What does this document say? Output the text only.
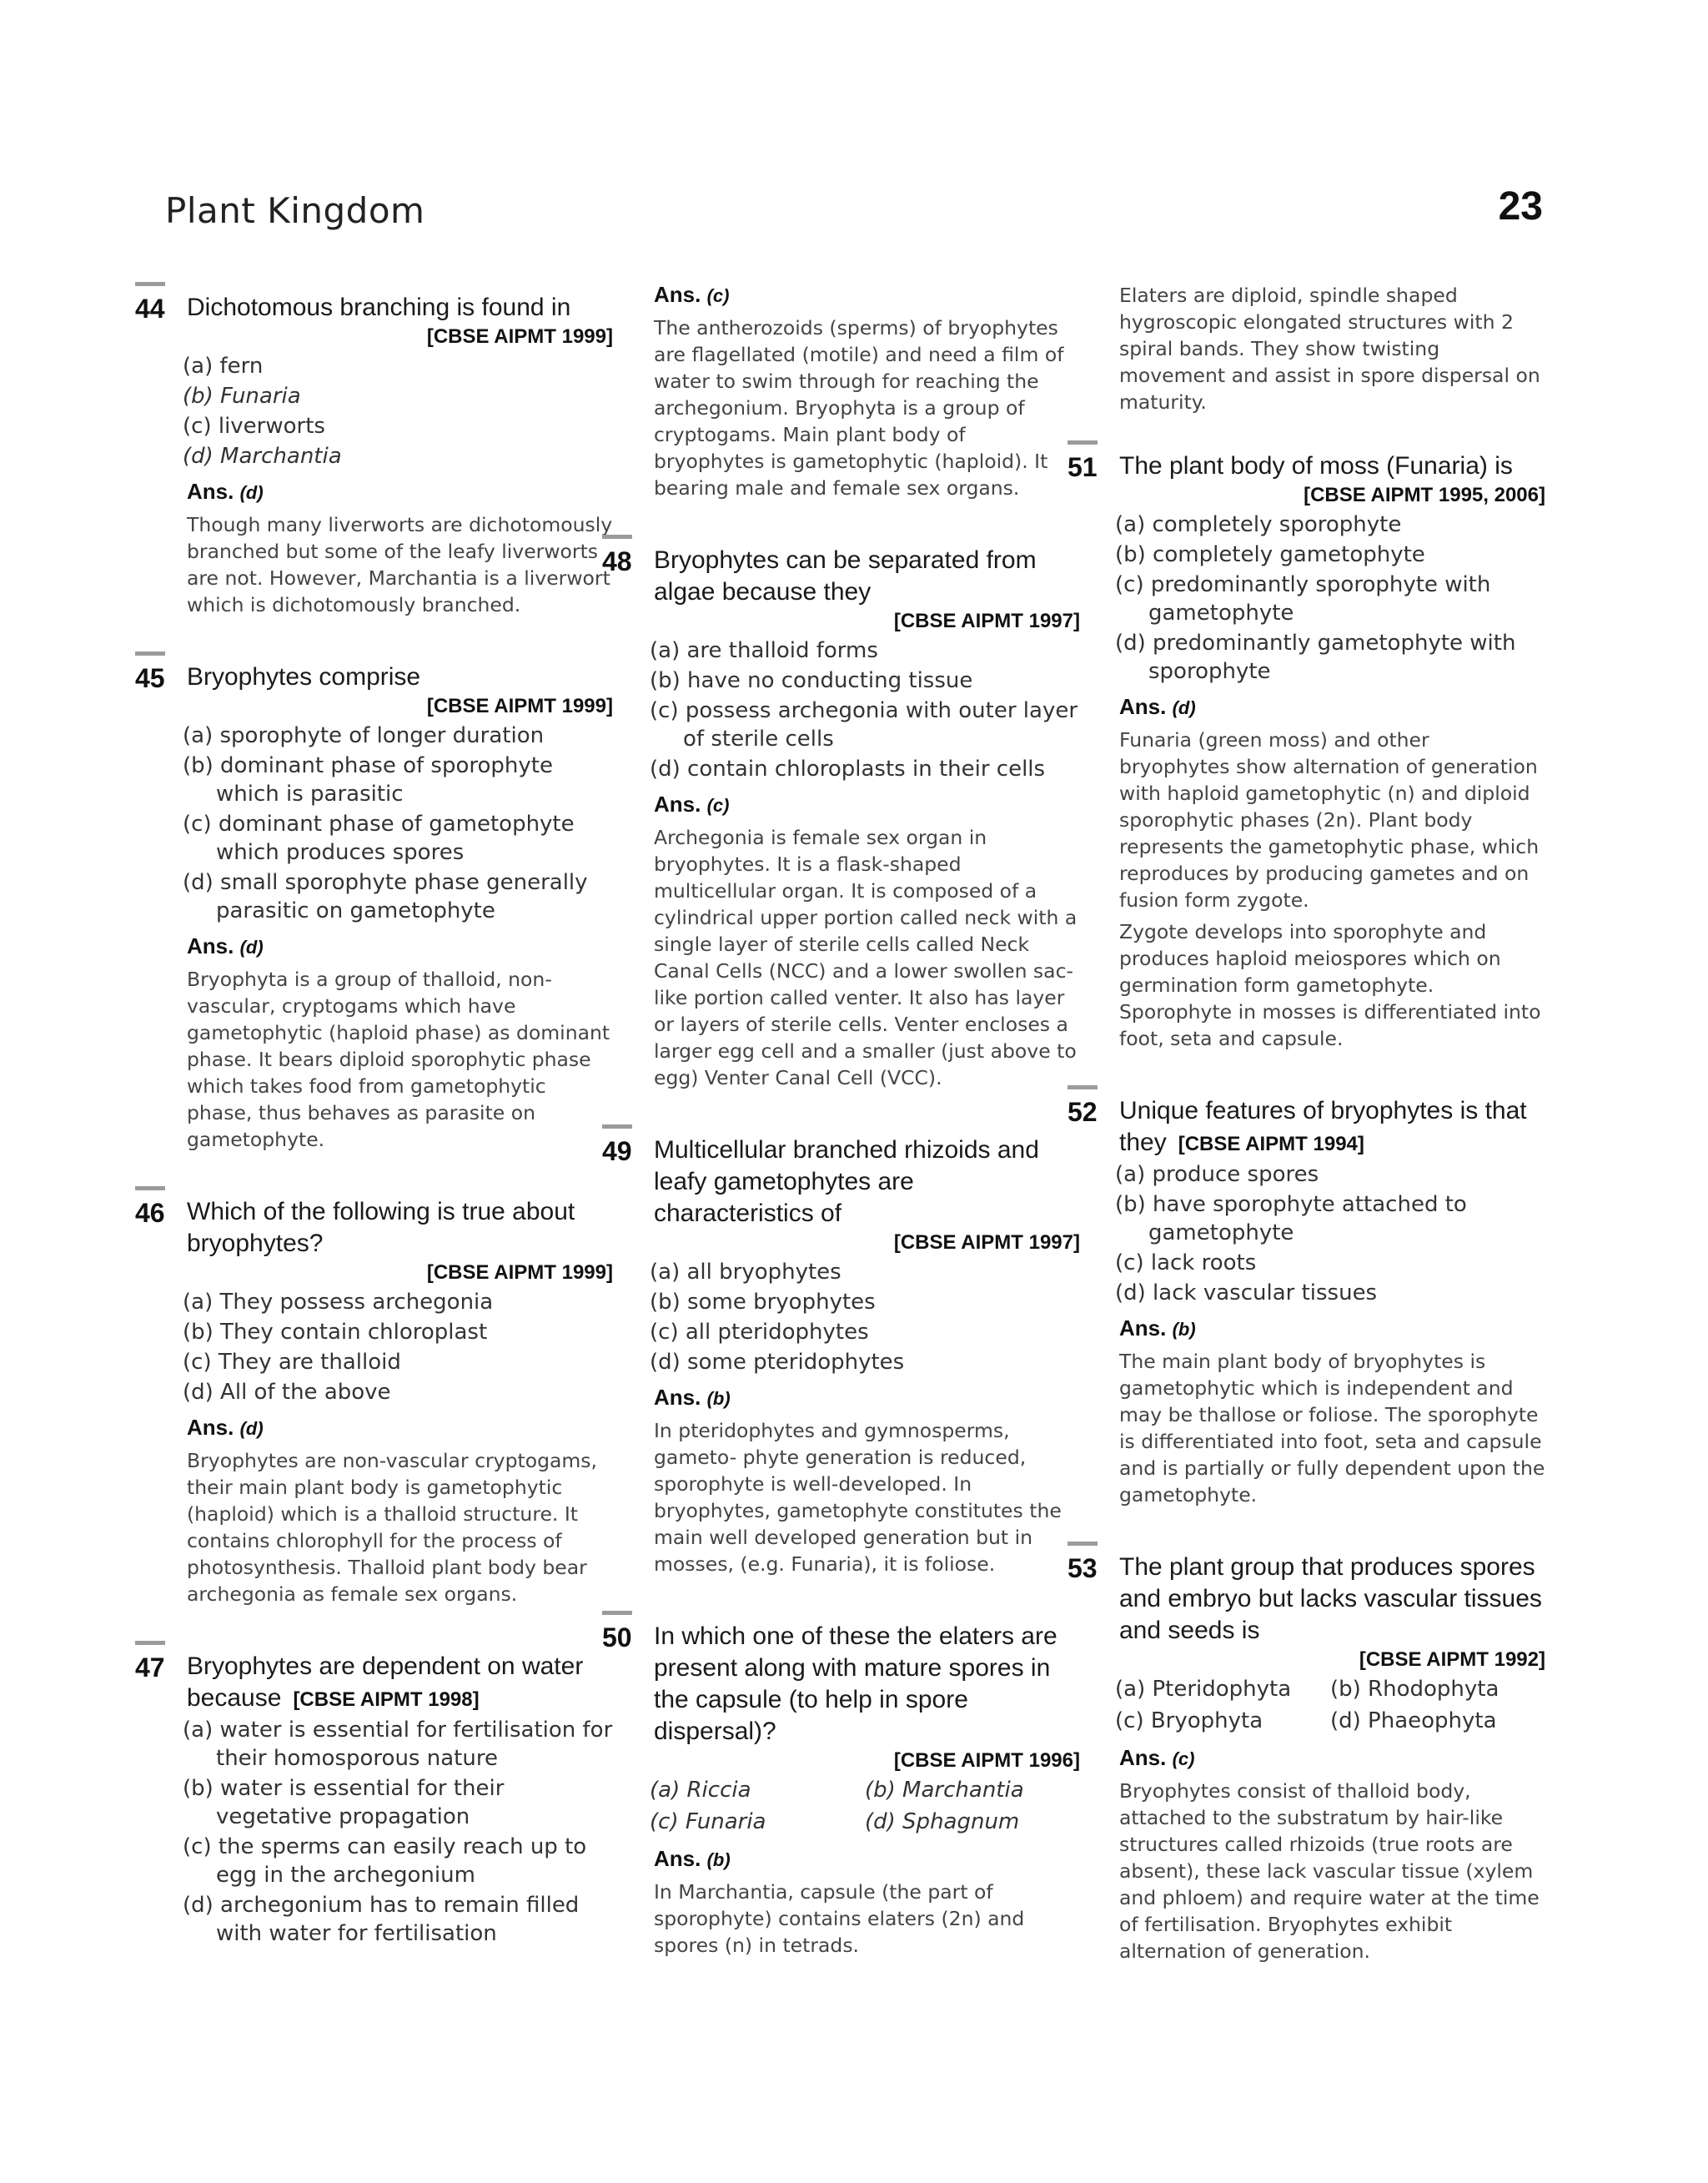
Plant Kingdom	23
44 Dichotomous branching is found in
[CBSE AIPMT 1999]
(a) fern
(b) Funaria
(c) liverworts
(d) Marchantia
Ans. (d)

Though many liverworts are dichotomously branched but some of the leafy liverworts are not. However, Marchantia is a liverwort which is dichotomously branched.

45 Bryophytes comprise
[CBSE AIPMT 1999]
(a) sporophyte of longer duration
(b) dominant phase of sporophyte which is parasitic
(c) dominant phase of gametophyte which produces spores
(d) small sporophyte phase generally parasitic on gametophyte
Ans. (d)

Bryophyta is a group of thalloid, non-vascular, cryptogams which have gametophytic (haploid phase) as dominant phase. It bears diploid sporophytic phase which takes food from gametophytic phase, thus behaves as parasite on gametophyte.

46 Which of the following is true about bryophytes?
[CBSE AIPMT 1999]
(a) They possess archegonia
(b) They contain chloroplast
(c) They are thalloid
(d) All of the above
Ans. (d)

Bryophytes are non-vascular cryptogams, their main plant body is gametophytic (haploid) which is a thalloid structure. It contains chlorophyll for the process of photosynthesis. Thalloid plant body bear archegonia as female sex organs.

47 Bryophytes are dependent on water because [CBSE AIPMT 1998]
(a) water is essential for fertilisation for their homosporous nature
(b) water is essential for their vegetative propagation
(c) the sperms can easily reach up to egg in the archegonium
(d) archegonium has to remain filled with water for fertilisation
Ans. (c)

The antherozoids (sperms) of bryophytes are flagellated (motile) and need a film of water to swim through for reaching the archegonium. Bryophyta is a group of cryptogams. Main plant body of bryophytes is gametophytic (haploid). It bearing male and female sex organs.

48 Bryophytes can be separated from algae because they
[CBSE AIPMT 1997]
(a) are thalloid forms
(b) have no conducting tissue
(c) possess archegonia with outer layer of sterile cells
(d) contain chloroplasts in their cells
Ans. (c)

Archegonia is female sex organ in bryophytes. It is a flask-shaped multicellular organ. It is composed of a cylindrical upper portion called neck with a single layer of sterile cells called Neck Canal Cells (NCC) and a lower swollen sac-like portion called venter. It also has layer or layers of sterile cells. Venter encloses a larger egg cell and a smaller (just above to egg) Venter Canal Cell (VCC).

49 Multicellular branched rhizoids and leafy gametophytes are characteristics of
[CBSE AIPMT 1997]
(a) all bryophytes
(b) some bryophytes
(c) all pteridophytes
(d) some pteridophytes
Ans. (b)

In pteridophytes and gymnosperms, gameto- phyte generation is reduced, sporophyte is well-developed. In bryophytes, gametophyte constitutes the main well developed generation but in mosses, (e.g. Funaria), it is foliose.

50 In which one of these the elaters are present along with mature spores in the capsule (to help in spore dispersal)?
[CBSE AIPMT 1996]
(a) Riccia	(b) Marchantia
(c) Funaria	(d) Sphagnum
Ans. (b)

In Marchantia, capsule (the part of sporophyte) contains elaters (2n) and spores (n) in tetrads.

Elaters are diploid, spindle shaped hygroscopic elongated structures with 2 spiral bands. They show twisting movement and assist in spore dispersal on maturity.

51 The plant body of moss (Funaria) is
[CBSE AIPMT 1995, 2006]
(a) completely sporophyte
(b) completely gametophyte
(c) predominantly sporophyte with gametophyte
(d) predominantly gametophyte with sporophyte
Ans. (d)

Funaria (green moss) and other bryophytes show alternation of generation with haploid gametophytic (n) and diploid sporophytic phases (2n). Plant body represents the gametophytic phase, which reproduces by producing gametes and on fusion form zygote.

Zygote develops into sporophyte and produces haploid meiospores which on germination form gametophyte. Sporophyte in mosses is differentiated into foot, seta and capsule.

52 Unique features of bryophytes is that they [CBSE AIPMT 1994]
(a) produce spores
(b) have sporophyte attached to gametophyte
(c) lack roots
(d) lack vascular tissues
Ans. (b)

The main plant body of bryophytes is gametophytic which is independent and may be thallose or foliose. The sporophyte is differentiated into foot, seta and capsule and is partially or fully dependent upon the gametophyte.

53 The plant group that produces spores and embryo but lacks vascular tissues and seeds is
[CBSE AIPMT 1992]
(a) Pteridophyta	(b) Rhodophyta
(c) Bryophyta	(d) Phaeophyta
Ans. (c)

Bryophytes consist of thalloid body, attached to the substratum by hair-like structures called rhizoids (true roots are absent), these lack vascular tissue (xylem and phloem) and require water at the time of fertilisation. Bryophytes exhibit alternation of generation.
